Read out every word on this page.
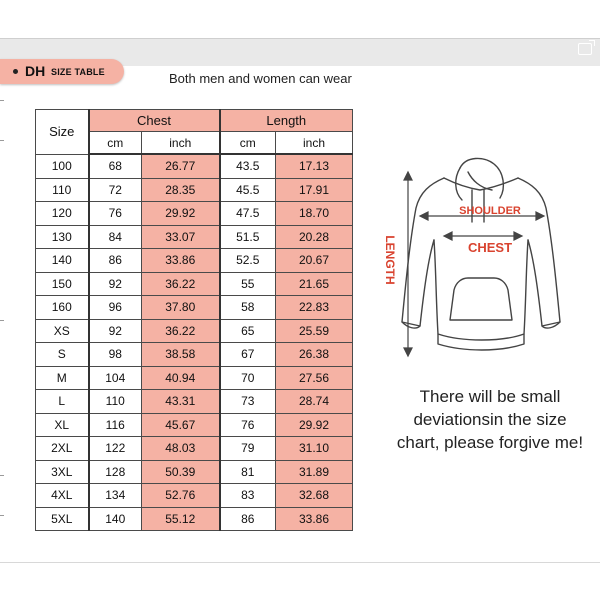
DH SIZE TABLE	Both men and women can wear
Size	Chest		Length	
	cm	inch	cm	inch
100	68	26.77	43.5	17.13
110	72	28.35	45.5	17.91
120	76	29.92	47.5	18.70
130	84	33.07	51.5	20.28
140	86	33.86	52.5	20.67
150	92	36.22	55	21.65
160	96	37.80	58	22.83
XS	92	36.22	65	25.59
S	98	38.58	67	26.38
M	104	40.94	70	27.56
L	110	43.31	73	28.74
XL	116	45.67	76	29.92
2XL	122	48.03	79	31.10
3XL	128	50.39	81	31.89
4XL	134	52.76	83	32.68
5XL	140	55.12	86	33.86
SHOULDER
CHEST
LENGTH
There will be small
deviationsin the size
chart, please forgive me!
